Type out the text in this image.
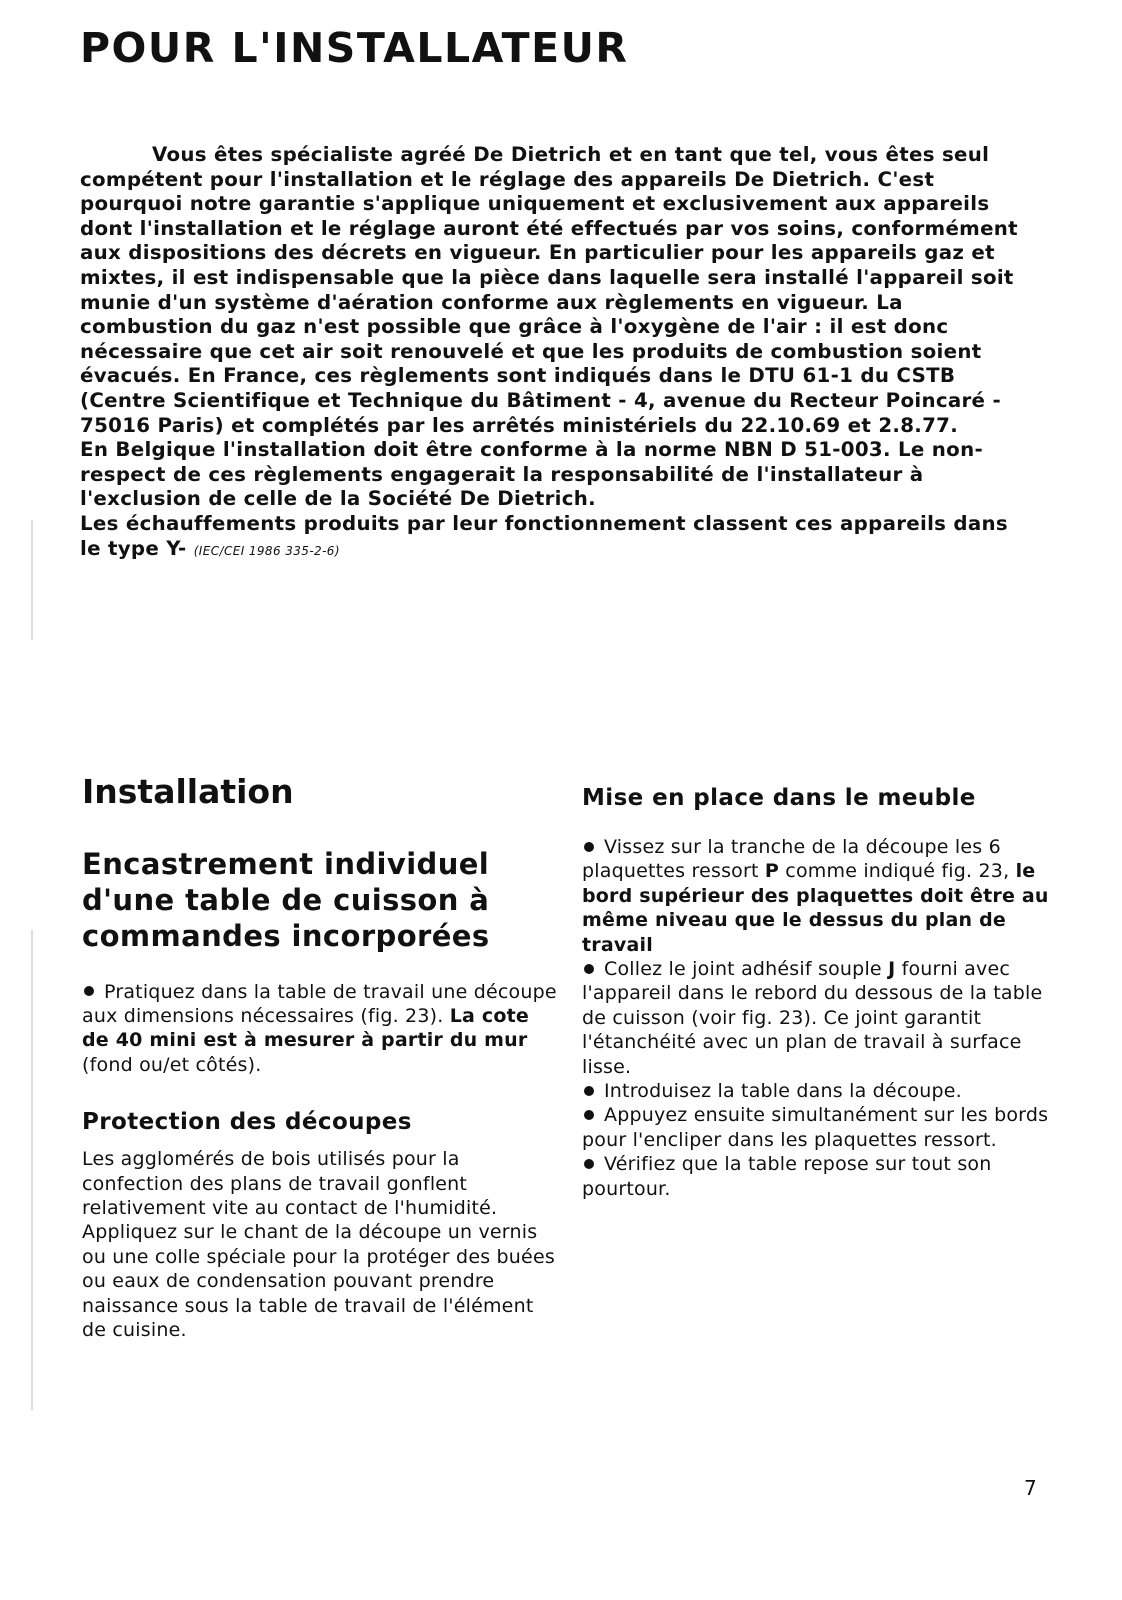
POUR L'INSTALLATEUR

Vous êtes spécialiste agréé De Dietrich et en tant que tel, vous êtes seul compétent pour l'installation et le réglage des appareils De Dietrich. C'est pourquoi notre garantie s'applique uniquement et exclusivement aux appareils dont l'installation et le réglage auront été effectués par vos soins, conformément aux dispositions des décrets en vigueur. En particulier pour les appareils gaz et mixtes, il est indispensable que la pièce dans laquelle sera installé l'appareil soit munie d'un système d'aération conforme aux règlements en vigueur. La combustion du gaz n'est possible que grâce à l'oxygène de l'air : il est donc nécessaire que cet air soit renouvelé et que les produits de combustion soient évacués. En France, ces règlements sont indiqués dans le DTU 61-1 du CSTB (Centre Scientifique et Technique du Bâtiment - 4, avenue du Recteur Poincaré - 75016 Paris) et complétés par les arrêtés ministériels du 22.10.69 et 2.8.77.

En Belgique l'installation doit être conforme à la norme NBN D 51-003. Le non-respect de ces règlements engagerait la responsabilité de l'installateur à l'exclusion de celle de la Société De Dietrich.

Les échauffements produits par leur fonctionnement classent ces appareils dans le type Y- (IEC/CEI 1986 335-2-6)

Installation
Encastrement individuel d'une table de cuisson à commandes incorporées

Pratiquez dans la table de travail une découpe aux dimensions nécessaires (fig. 23). La cote de 40 mini est à mesurer à partir du mur (fond ou/et côtés).

Protection des découpes

Les agglomérés de bois utilisés pour la confection des plans de travail gonflent relativement vite au contact de l'humidité. Appliquez sur le chant de la découpe un vernis ou une colle spéciale pour la protéger des buées ou eaux de condensation pouvant prendre naissance sous la table de travail de l'élément de cuisine.

Mise en place dans le meuble

Vissez sur la tranche de la découpe les 6 plaquettes ressort P comme indiqué fig. 23, le bord supérieur des plaquettes doit être au même niveau que le dessus du plan de travail

Collez le joint adhésif souple J fourni avec l'appareil dans le rebord du dessous de la table de cuisson (voir fig. 23). Ce joint garantit l'étanchéité avec un plan de travail à surface lisse.

Introduisez la table dans la découpe.

Appuyez ensuite simultanément sur les bords pour l'encliper dans les plaquettes ressort.

Vérifiez que la table repose sur tout son pourtour.

7
